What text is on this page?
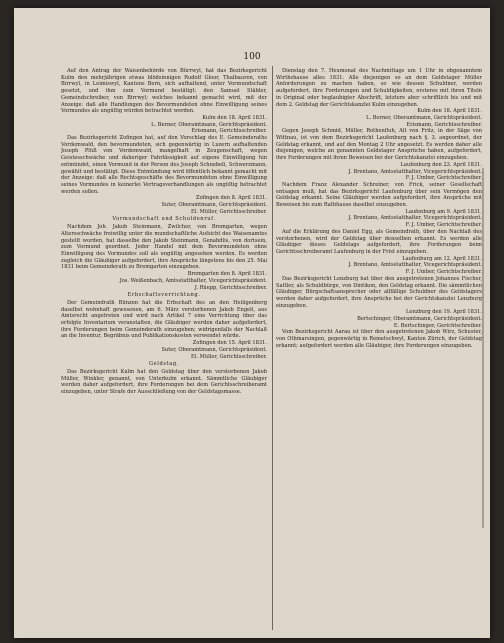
100

Auf den Antrag der Waisenbehörde von Bürrwyl, hat das Bezirksgericht Kulm den mehrjährigen etwas blödsinnigen Rudolf Gloor, Thalbauren, von Birrwyl, in Leimiswyl, Kantons Bern, sich aufhaltend, unter Vormundschaft gesetzt, und ihm zum Vormund bestätigt: den Samuel Stähler, Gemeindschreiber, von Birrwyl; welches bekannt gemacht wird, mit der Anzeige: daß alle Handlungen des Bevormundeten ohne Einwilligung seines Vormundes als ungültig würden betrachtet werden.

Kulm den 18. April 1831.

L. Berner, Oberamtmann, Gerichtspräsident.

Erismann, Gerichtsschreiber.

Das Bezirksgericht Zofingen hat, auf den Vorschlag des E. Gemeinderaths Vordemwald, den bevormundeten, sich gegenwärtig in Luzern aufhaltenden Joseph Plüß von Vordemwald, mangelhaft in Zeugenschaft, wegen Geistesschwäche und daheriger Fahrlässigkeit auf eigene Einwilligung hin entmündet, einen Vormund in der Person des Joseph Schnebeli, Schwerzmann, gewählt und bestätigt. Diese Entmündung wird öffentlich bekannt gemacht mit der Anzeige: daß alle Rechtsgeschäfte des Bevormundeten ohne Einwilligung seines Vormundes in keinerlei Vertragsverhandlungen als ungültig betrachtet werden sollen.

Zofingen den 8. April 1831.

Suter, Oberamtmann, Gerichtspräsident.

El. Müller, Gerichtsschreiber.

Vormundschaft und Schuldenruf.

Nachdem Joh. Jakob Steinmann, Zwilcher, von Bremgarten, wegen Altersschwäche freiwillig unter die mundschaftliche Aufsicht des Waisenamtes gestellt worden, hat dasselbe den Jakob Steinmann, Genabdlis, von dortsein, zum Vormund geordnet. Jeder Handel mit dem Bevormundeten ohne Einwilligung des Vormundes soll als ungültig angesehen werden. Es werden zugleich die Gläubiger aufgefordert, ihre Ansprüche längstens bis den 25. Mai 1831 beim Gemeinderath zu Bremgarten einzugeben.

Bremgarten den 8. April 1831.

Jos. Weißenbach, Amtsstatthalter, Vicegerichtspräsident.

J. Rüepp, Gerichtsschreiber.

Erbschaftsverrichtung.

Der Gemeindrath Bünzen hat die Erbschaft des an den Heiligenberg daselbst wohnhaft gewesenen, am 6. März verstorbenen Jakob Engeli, aus Amtsrecht angetreten und wird nach Artikel 7 eine Verrichtung über das erfolgte Inventarium veranstalten, die Gläubiger werden daher aufgefordert, ihre Forderungen beim Gemeinderath einzugeben; widrigenfalls der Nachlaß an die Inventur, Begräbnis und Publikationskosten verwendet würde.

Zofingen den 15. April 1831.

Suter, Oberamtmann, Gerichtspräsident.

El. Müller, Gerichtsschreiber.

Geldstag.

Das Bezirksgericht Kulm hat den Geldstag über den verstorbenen Jakob Müller, Winkler, genannt, von Unterkulm erkannt. Sämmtliche Gläubiger werden daher aufgefordert, ihre Forderungen bei dem Gerichtsschreiberamt einzugeben, unter Strafe der Ausschließung von der Geldstagsmasse.

Dienstag den 7. Heumonat des Nachmittags um 1 Uhr in obgenanntem Wirthshause alles 1831. Alle diejenigen so an dem Geldstager Müller Anforderungen zu machen haben, so wie dessen Schuldner, werden aufgefordert, ihre Forderungen und Schuldigkeiten, ersteres mit ihren Titeln in Original oder beglaubigter Abschrift, letztere aber schriftlich bis und mit dem 2. Geldstag der Gerichtskanzlei Kulm einzugeben.

Kulm den 18. April 1831.

L. Berner, Oberamtmann, Gerichtspräsident.

Erismann, Gerichtsschreiber.

Gegen Joseph Schmid, Müller, Rothenfluh, Alt von Fritz, in der Säge von Wittnau, ist von dem Bezirksgericht Laufenburg nach §. 3. angeordnet, der Geldstag erkannt, und auf den Montag 2 Uhr angesetzt. Es werden daher alle diejenigen, welche an genannten Geldstager Ansprüche haben, aufgefordert, ihre Forderungen mit ihren Beweisen bei der Gerichtskanzlei einzugeben.

Laufenburg den 23. April 1831.

J. Brentano, Amtsstatthalter, Vicegerichtspräsident.

F. J. Umber, Gerichtschreiber.

Nachdem Franz Alexander Schreiner, von Frick, seiner Gesellschaft entsagen muß, hat das Bezirksgericht Laufenburg über sein Vermögen den Geldstag erkannt. Seine Gläubiger werden aufgefordert, ihre Ansprüche mit Beweisen bis zum Rathhause daselbst einzugeben.

Laufenburg am 9. April 1831.

J. Brentano, Amtsstatthalter, Vicegerichtspräsident.

F. J. Umber, Gerichtschreiber.

Auf die Erklärung des Daniel Egg, als Gemeindrath, über den Nachlaß des verstorbenen, wird der Geldstag über denselben erkannt. Es werden alle Gläubiger dieses Geldstags aufgefordert, ihre Forderungen beim Gerichtsschreiberamt Laufenburg in der Frist einzugeben.

Laufenburg am 12. April 1831.

J. Brentano, Amtsstatthalter, Vicegerichtspräsident.

F. J. Umber, Gerichtschreiber.

Das Bezirksgericht Lenzburg hat über den ausgetretenen Johannes Fischer, Sattler, als Schuldbürge, von Dintikon, den Geldstag erkannt. Die sämmtlichen Gläubiger, Bürgschaftsansprecher oder allfällige Schuldner des Geldstagers werden daher aufgefordert, ihre Ansprüche bei der Gerichtskanzlei Lenzburg einzugeben.

Lenzburg den 19. April 1831.

Bertschinger, Oberamtmann, Gerichtspräsident.

E. Bertschinger, Gerichtschreiber.

Vom Bezirksgericht Aarau ist über den ausgetretenen Jakob Wirz, Schuster, von Othmarsingen, gegenwärtig in Remetschwyl, Kanton Zürich, der Geldstag erkannt; aufgefordert werden alle Gläubiger, ihre Forderungen einzugeben.
